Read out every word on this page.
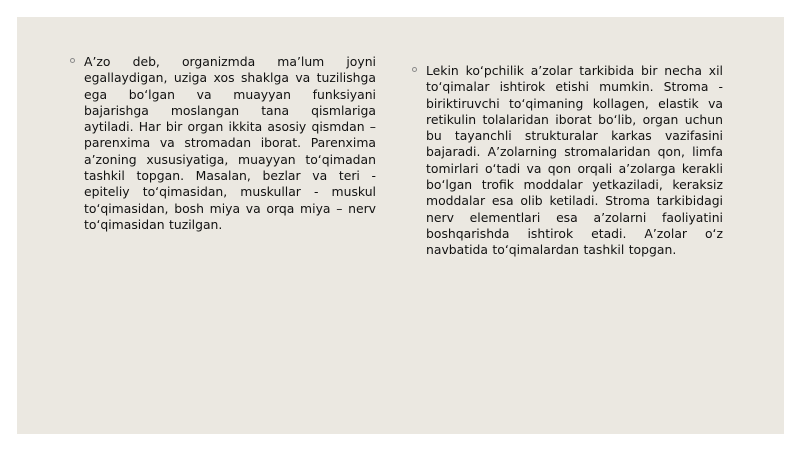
A’zo deb, organizmda ma’lum joyni egallaydigan, uziga xos shaklga va tuzilishga ega bo‘lgan va muayyan funksiyani bajarishga moslangan tana qismlariga aytiladi. Har bir organ ikkita asosiy qismdan – parenxima va stromadan iborat. Parenxima a’zoning xususiyatiga, muayyan to‘qimadan tashkil topgan. Masalan, bezlar va teri - epiteliy to‘qimasidan, muskullar - muskul to‘qimasidan, bosh miya va orqa miya – nerv to‘qimasidan tuzilgan.

Lekin ko‘pchilik a’zolar tarkibida bir necha xil to‘qimalar ishtirok etishi mumkin. Stroma - biriktiruvchi to‘qimaning kollagen, elastik va retikulin tolalaridan iborat bo‘lib, organ uchun bu tayanchli strukturalar karkas vazifasini bajaradi. A’zolarning stromalaridan qon, limfa tomirlari o‘tadi va qon orqali a’zolarga kerakli bo‘lgan trofik moddalar yetkaziladi, keraksiz moddalar esa olib ketiladi. Stroma tarkibidagi nerv elementlari esa a’zolarni faoliyatini boshqarishda ishtirok etadi. A’zolar o‘z navbatida to‘qimalardan tashkil topgan.
